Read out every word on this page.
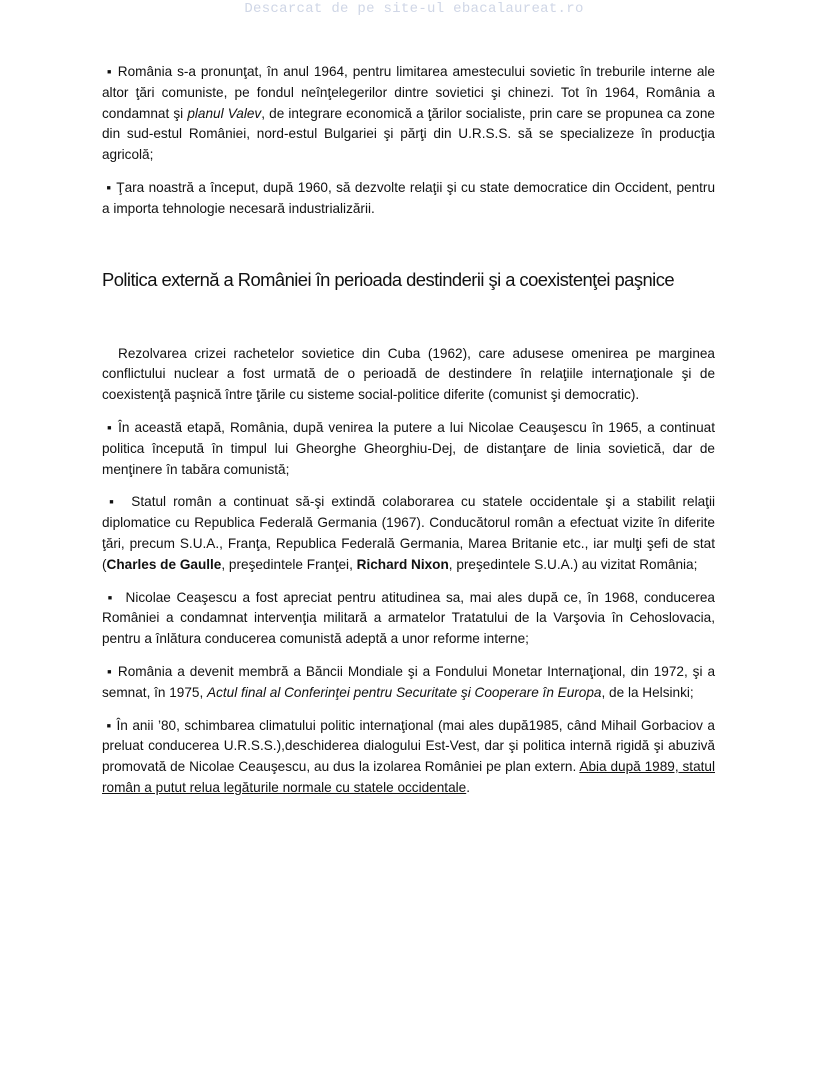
Descarcat de pe site-ul ebacalaureat.ro

▪ România s-a pronunţat, în anul 1964, pentru limitarea amestecului sovietic în treburile interne ale altor ţări comuniste, pe fondul neînţelegerilor dintre sovietici şi chinezi. Tot în 1964, România a condamnat şi planul Valev, de integrare economică a ţărilor socialiste, prin care se propunea ca zone din sud-estul României, nord-estul Bulgariei şi părţi din U.R.S.S. să se specializeze în producţia agricolă;

▪ Ţara noastră a început, după 1960, să dezvolte relaţii şi cu state democratice din Occident, pentru a importa tehnologie necesară industrializării.

Politica externă a României în perioada destinderii şi a coexistenţei paşnice

Rezolvarea crizei rachetelor sovietice din Cuba (1962), care adusese omenirea pe marginea conflictului nuclear a fost urmată de o perioadă de destindere în relaţiile internaţionale şi de coexistenţă paşnică între ţările cu sisteme social-politice diferite (comunist şi democratic).

▪ În această etapă, România, după venirea la putere a lui Nicolae Ceauşescu în 1965, a continuat politica începută în timpul lui Gheorghe Gheorghiu-Dej, de distanţare de linia sovietică, dar de menţinere în tabăra comunistă;

▪ Statul român a continuat să-şi extindă colaborarea cu statele occidentale şi a stabilit relaţii diplomatice cu Republica Federală Germania (1967). Conducătorul român a efectuat vizite în diferite ţări, precum S.U.A., Franţa, Republica Federală Germania, Marea Britanie etc., iar mulţi şefi de stat (Charles de Gaulle, preşedintele Franţei, Richard Nixon, preşedintele S.U.A.) au vizitat România;

▪ Nicolae Ceaşescu a fost apreciat pentru atitudinea sa, mai ales după ce, în 1968, conducerea României a condamnat intervenţia militară a armatelor Tratatului de la Varşovia în Cehoslovacia, pentru a înlătura conducerea comunistă adeptă a unor reforme interne;

▪ România a devenit membră a Băncii Mondiale şi a Fondului Monetar Internaţional, din 1972, şi a semnat, în 1975, Actul final al Conferinţei pentru Securitate şi Cooperare în Europa, de la Helsinki;

▪ În anii ’80, schimbarea climatului politic internaţional (mai ales după1985, când Mihail Gorbaciov a preluat conducerea U.R.S.S.),deschiderea dialogului Est-Vest, dar şi politica internă rigidă şi abuzivă promovată de Nicolae Ceauşescu, au dus la izolarea României pe plan extern. Abia după 1989, statul român a putut relua legăturile normale cu statele occidentale.
